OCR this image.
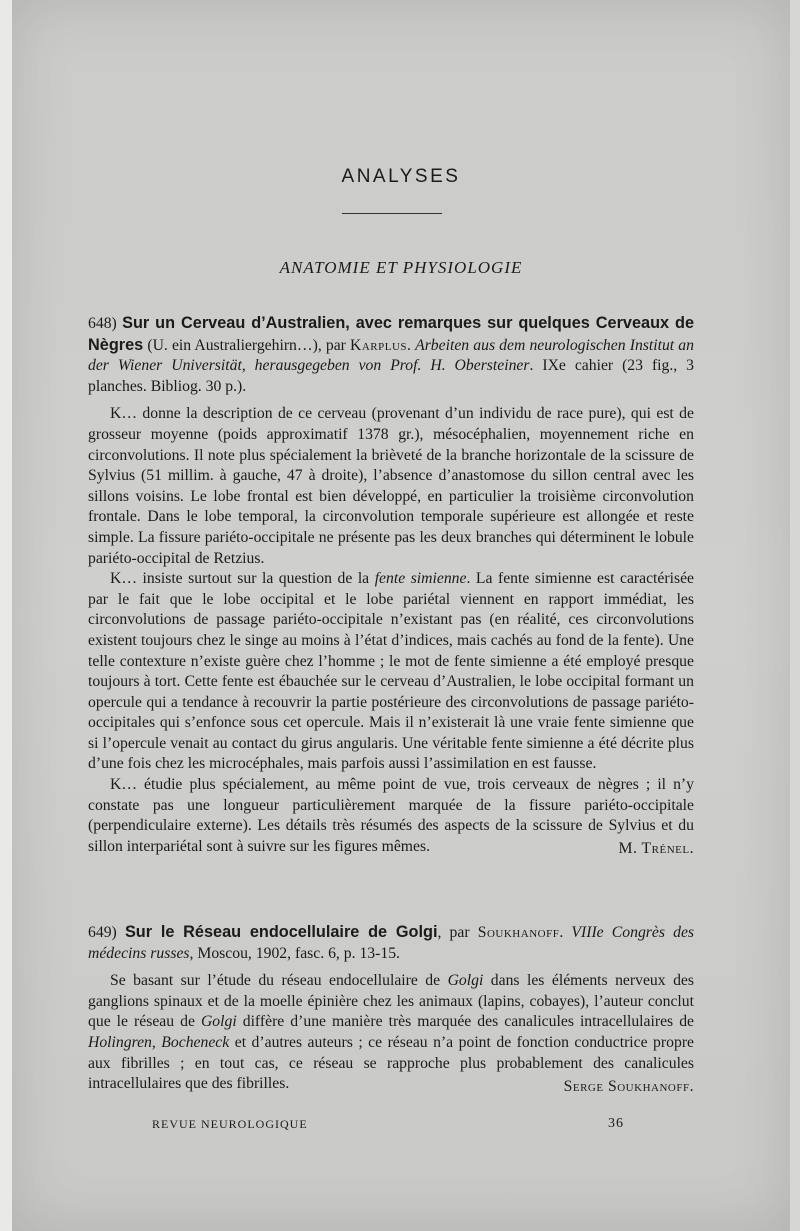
ANALYSES
ANATOMIE ET PHYSIOLOGIE

648) Sur un Cerveau d’Australien, avec remarques sur quelques Cerveaux de Nègres (U. ein Australiergehirn…), par Karplus. Arbeiten aus dem neurologischen Institut an der Wiener Universität, herausgegeben von Prof. H. Obersteiner. IXe cahier (23 fig., 3 planches. Bibliog. 30 p.).

K… donne la description de ce cerveau (provenant d’un individu de race pure), qui est de grosseur moyenne (poids approximatif 1378 gr.), mésocéphalien, moyennement riche en circonvolutions. Il note plus spécialement la brièveté de la branche horizontale de la scissure de Sylvius (51 millim. à gauche, 47 à droite), l’absence d’anastomose du sillon central avec les sillons voisins. Le lobe frontal est bien développé, en particulier la troisième circonvolution frontale. Dans le lobe temporal, la circonvolution temporale supérieure est allongée et reste simple. La fissure pariéto-occipitale ne présente pas les deux branches qui déterminent le lobule pariéto-occipital de Retzius.

K… insiste surtout sur la question de la fente simienne. La fente simienne est caractérisée par le fait que le lobe occipital et le lobe pariétal viennent en rapport immédiat, les circonvolutions de passage pariéto-occipitale n’existant pas (en réalité, ces circonvolutions existent toujours chez le singe au moins à l’état d’indices, mais cachés au fond de la fente). Une telle contexture n’existe guère chez l’homme ; le mot de fente simienne a été employé presque toujours à tort. Cette fente est ébauchée sur le cerveau d’Australien, le lobe occipital formant un opercule qui a tendance à recouvrir la partie postérieure des circonvolutions de passage pariéto-occipitales qui s’enfonce sous cet opercule. Mais il n’existerait là une vraie fente simienne que si l’opercule venait au contact du girus angularis. Une véritable fente simienne a été décrite plus d’une fois chez les microcéphales, mais parfois aussi l’assimilation en est fausse.

K… étudie plus spécialement, au même point de vue, trois cerveaux de nègres ; il n’y constate pas une longueur particulièrement marquée de la fissure pariéto-occipitale (perpendiculaire externe). Les détails très résumés des aspects de la scissure de Sylvius et du sillon interpariétal sont à suivre sur les figures mêmes.	M. Trénel.

649) Sur le Réseau endocellulaire de Golgi, par Soukhanoff. VIIIe Congrès des médecins russes, Moscou, 1902, fasc. 6, p. 13-15.

Se basant sur l’étude du réseau endocellulaire de Golgi dans les éléments nerveux des ganglions spinaux et de la moelle épinière chez les animaux (lapins, cobayes), l’auteur conclut que le réseau de Golgi diffère d’une manière très marquée des canalicules intracellulaires de Holingren, Bocheneck et d’autres auteurs ; ce réseau n’a point de fonction conductrice propre aux fibrilles ; en tout cas, ce réseau se rapproche plus probablement des canalicules intracellulaires que des fibrilles.	Serge Soukhanoff.

REVUE NEUROLOGIQUE	36
